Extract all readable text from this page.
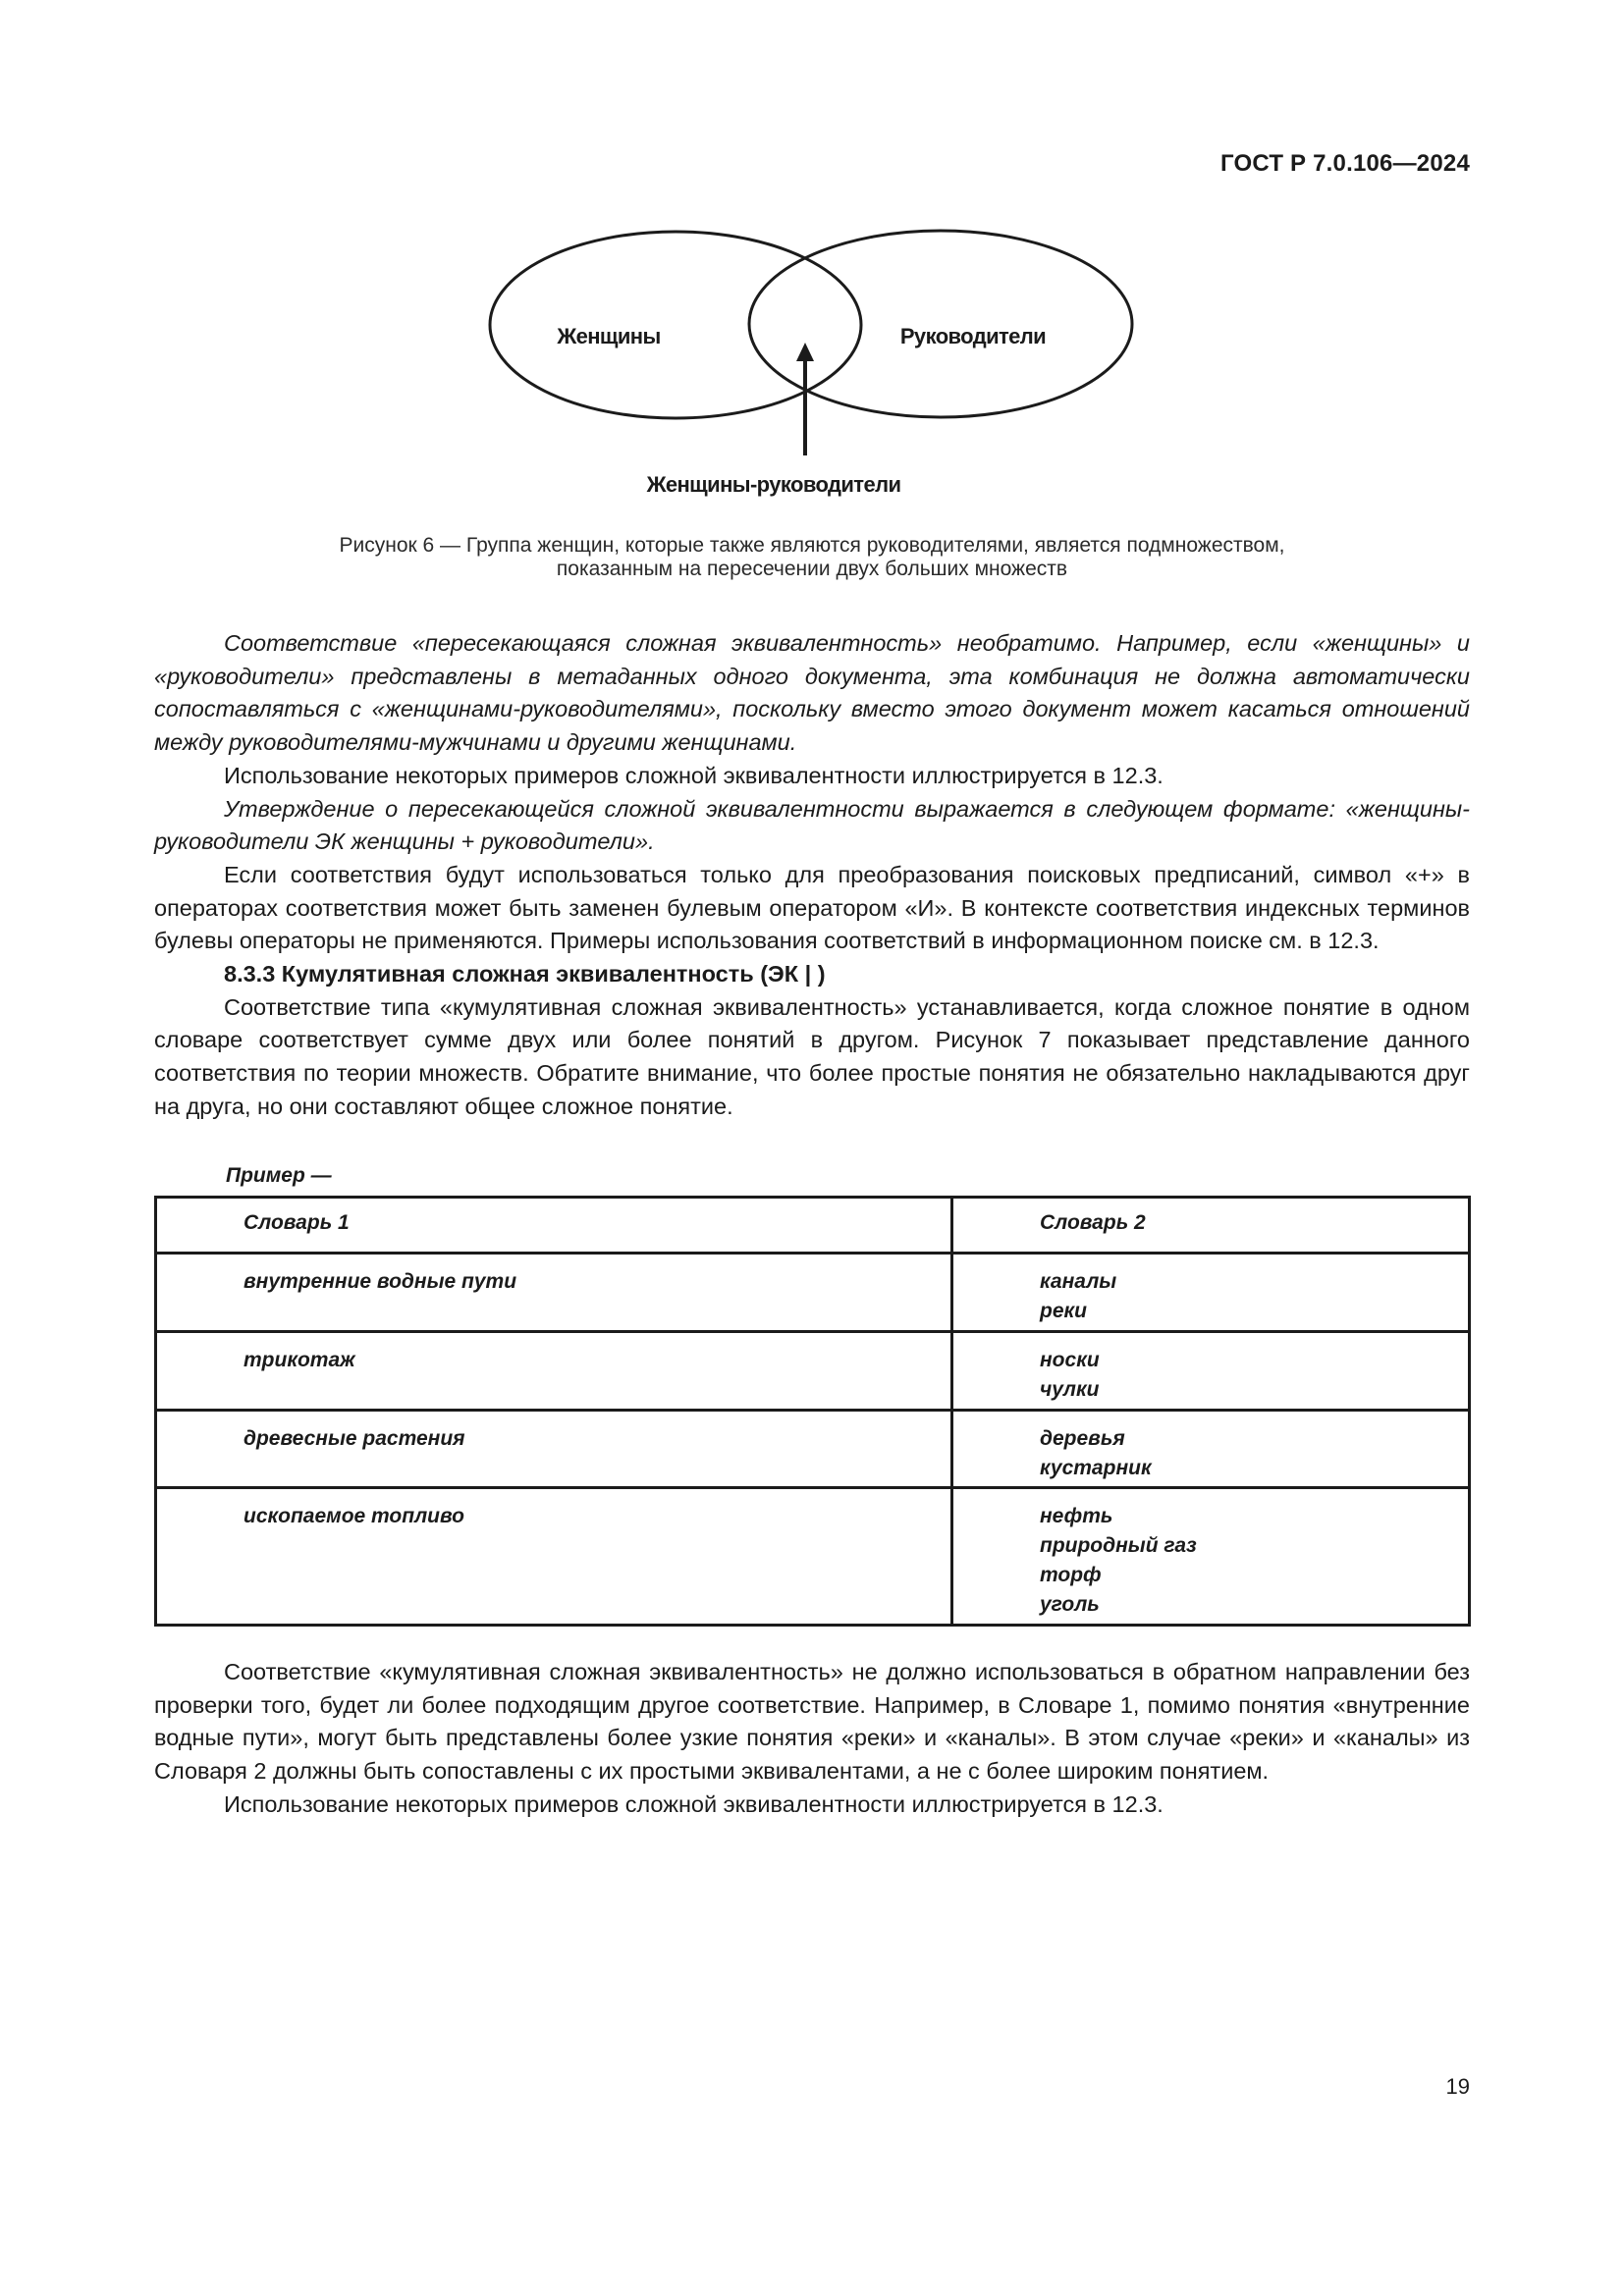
ГОСТ Р 7.0.106—2024
Женщины	Руководители
Женщины-руководители
Рисунок 6 — Группа женщин, которые также являются руководителями, является подмножеством,
показанным на пересечении двух больших множеств

Соответствие «пересекающаяся сложная эквивалентность» необратимо. Например, если «женщины» и «руководители» представлены в метаданных одного документа, эта комбинация не должна автоматически сопоставляться с «женщинами-руководителями», поскольку вместо этого документ может касаться отношений между руководителями-мужчинами и другими женщинами.

Использование некоторых примеров сложной эквивалентности иллюстрируется в 12.3.

Утверждение о пересекающейся сложной эквивалентности выражается в следующем формате: «женщины-руководители ЭК женщины + руководители».

Если соответствия будут использоваться только для преобразования поисковых предписаний, символ «+» в операторах соответствия может быть заменен булевым оператором «И». В контексте соответствия индексных терминов булевы операторы не применяются. Примеры использования соответствий в информационном поиске см. в 12.3.

8.3.3 Кумулятивная сложная эквивалентность (ЭК | )

Соответствие типа «кумулятивная сложная эквивалентность» устанавливается, когда сложное понятие в одном словаре соответствует сумме двух или более понятий в другом. Рисунок 7 показывает представление данного соответствия по теории множеств. Обратите внимание, что более простые понятия не обязательно накладываются друг на друга, но они составляют общее сложное понятие.

Пример —
Словарь 1	Словарь 2
внутренние водные пути	каналы
реки

трикотаж	носки
чулки

древесные растения	деревья
кустарник

ископаемое топливо	нефть
природный газ
торф
уголь

Соответствие «кумулятивная сложная эквивалентность» не должно использоваться в обратном направлении без проверки того, будет ли более подходящим другое соответствие. Например, в Словаре 1, помимо понятия «внутренние водные пути», могут быть представлены более узкие понятия «реки» и «каналы». В этом случае «реки» и «каналы» из Словаря 2 должны быть сопоставлены с их простыми эквивалентами, а не с более широким понятием.

Использование некоторых примеров сложной эквивалентности иллюстрируется в 12.3.

19
